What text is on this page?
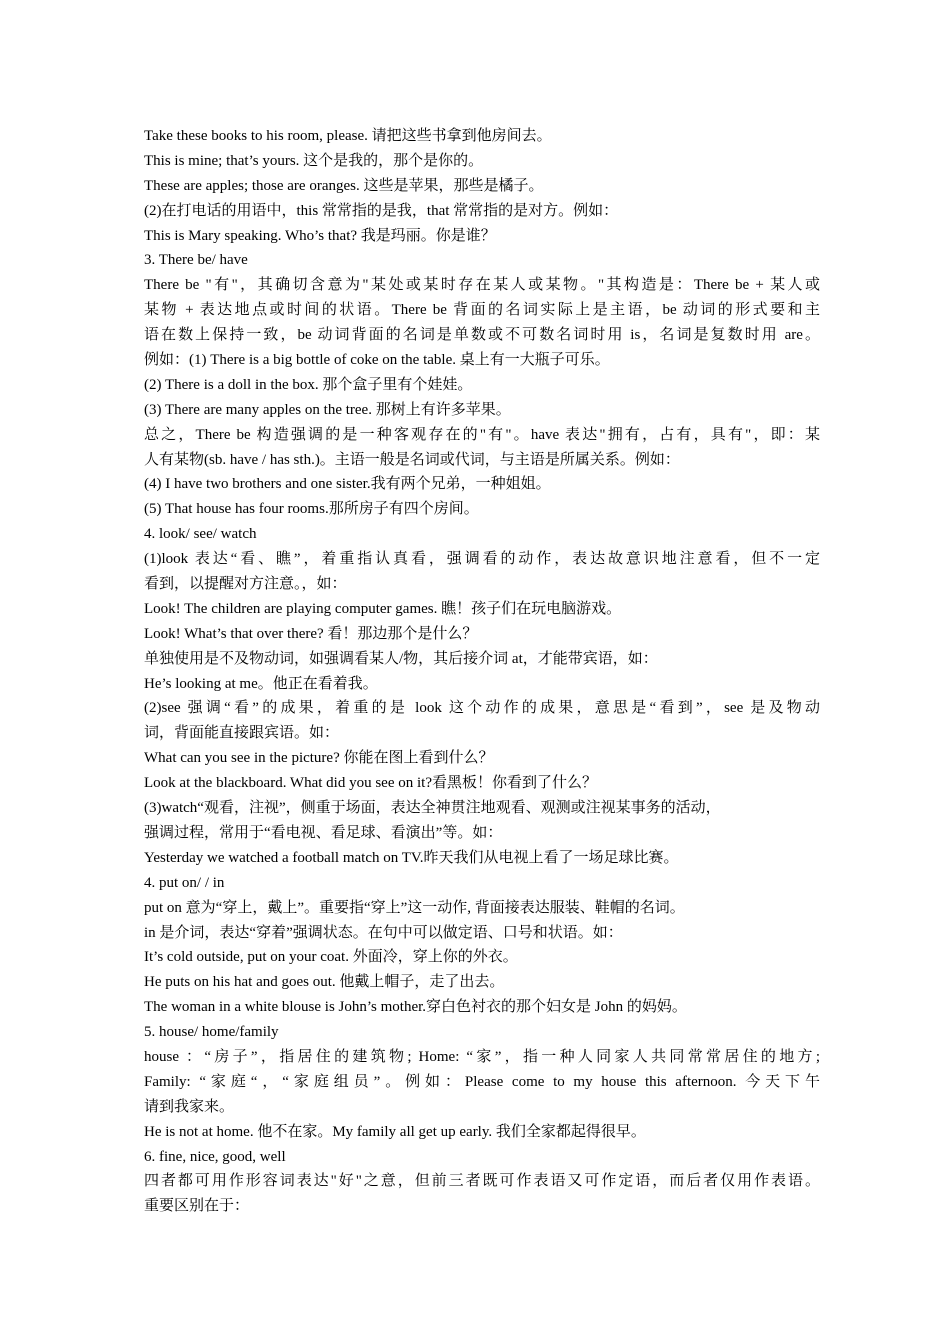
Take these books to his room, please. 请把这些书拿到他房间去。
This is mine; that’s yours. 这个是我的，那个是你的。
These are apples; those are oranges. 这些是苹果，那些是橘子。
(2)在打电话的用语中，this 常常指的是我，that 常常指的是对方。例如：
This is Mary speaking. Who’s that? 我是玛丽。你是谁？
3. There be/ have
There be "有"，其确切含意为"某处或某时存在某人或某物。"其构造是：There be + 某人或
某物 + 表达地点或时间的状语。There be 背面的名词实际上是主语，be 动词的形式要和主
语在数上保持一致，be 动词背面的名词是单数或不可数名词时用 is，名词是复数时用 are。
例如：(1) There is a big bottle of coke on the table. 桌上有一大瓶子可乐。
(2) There is a doll in the box. 那个盒子里有个娃娃。
(3) There are many apples on the tree. 那树上有许多苹果。
总之，There be 构造强调的是一种客观存在的"有"。have 表达"拥有，占有，具有"，即：某
人有某物(sb. have / has sth.)。主语一般是名词或代词，与主语是所属关系。例如：
(4) I have two brothers and one sister.我有两个兄弟，一种姐姐。
(5) That house has four rooms.那所房子有四个房间。
4. look/ see/ watch
(1)look 表达“看、瞧”，着重指认真看，强调看的动作，表达故意识地注意看，但不一定
看到，以提醒对方注意。，如：
Look! The children are playing computer games. 瞧！孩子们在玩电脑游戏。
Look! What’s that over there? 看！那边那个是什么？
单独使用是不及物动词，如强调看某人/物，其后接介词 at，才能带宾语，如：
He’s looking at me。他正在看着我。
(2)see 强调“看”的成果，着重的是 look 这个动作的成果，意思是“看到”，see 是及物动
词，背面能直接跟宾语。如：
What can you see in the picture? 你能在图上看到什么？
Look at the blackboard. What did you see on it?看黑板！你看到了什么？
(3)watch“观看，注视”，侧重于场面，表达全神贯注地观看、观测或注视某事务的活动，
强调过程，常用于“看电视、看足球、看演出”等。如：
Yesterday we watched a football match on TV.昨天我们从电视上看了一场足球比赛。
4. put on/ / in
put on 意为“穿上，戴上”。重要指“穿上”这一动作, 背面接表达服装、鞋帽的名词。
in 是介词，表达“穿着”强调状态。在句中可以做定语、口号和状语。如：
It’s cold outside, put on your coat. 外面冷，穿上你的外衣。
He puts on his hat and goes out. 他戴上帽子，走了出去。
The woman in a white blouse is John’s mother.穿白色衬衣的那个妇女是 John 的妈妈。
5. house/ home/family
house ：“房子”，指居住的建筑物; Home: “家”，指一种人同家人共同常常居住的地方;
Family: “家庭“，“家庭组员”。例如：Please come to my house this afternoon. 今天下午
请到我家来。
He is not at home. 他不在家。My family all get up early. 我们全家都起得很早。
6. fine, nice, good, well
四者都可用作形容词表达"好"之意，但前三者既可作表语又可作定语，而后者仅用作表语。
重要区别在于：
